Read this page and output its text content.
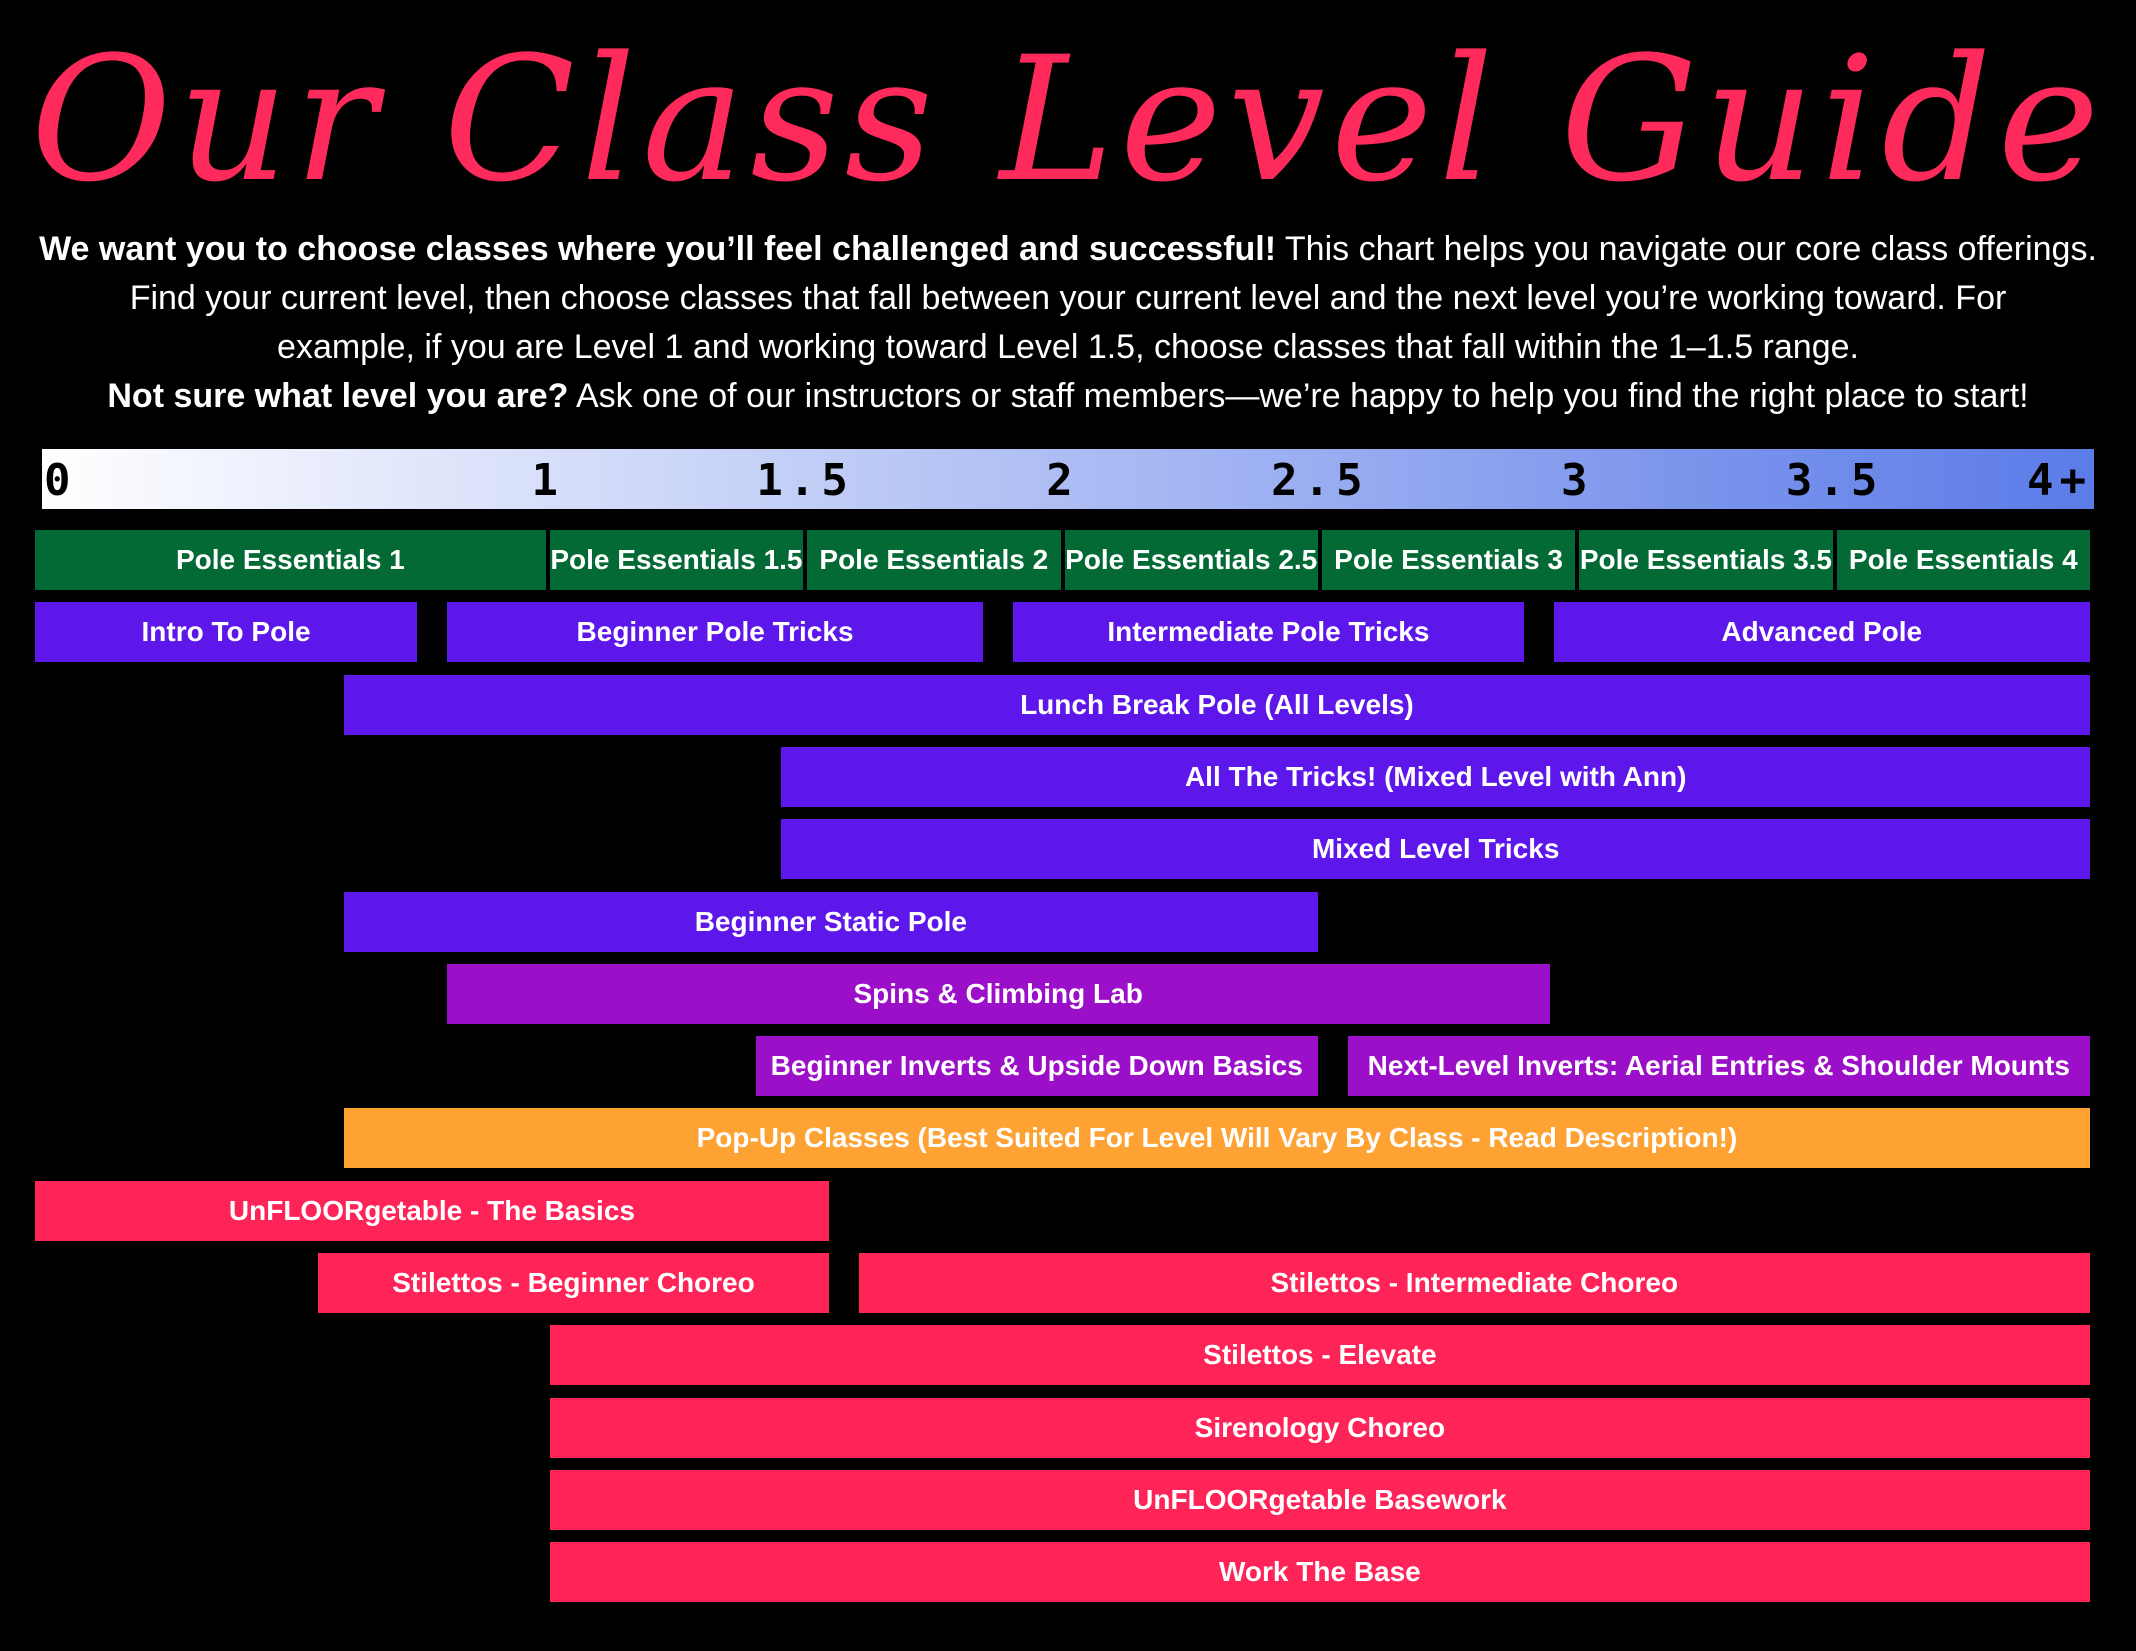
Our Class Level Guide

We want you to choose classes where you’ll feel challenged and successful! This chart helps you navigate our core class offerings.

Find your current level, then choose classes that fall between your current level and the next level you’re working toward. For

example, if you are Level 1 and working toward Level 1.5, choose classes that fall within the 1–1.5 range.

Not sure what level you are? Ask one of our instructors or staff members—we’re happy to help you find the right place to start!

0	1	1.5	2	2.5	3	3.5	4+
Pole Essentials 1	Pole Essentials 1.5 Pole Essentials 2 Pole Essentials 2.5 Pole Essentials 3 Pole Essentials 3.5 Pole Essentials 4
Intro To Pole	Beginner Pole Tricks	Intermediate Pole Tricks	Advanced Pole
Lunch Break Pole (All Levels)
All The Tricks! (Mixed Level with Ann)
Mixed Level Tricks
Beginner Static Pole
Spins & Climbing Lab
Beginner Inverts & Upside Down Basics	Next-Level Inverts: Aerial Entries & Shoulder Mounts
Pop-Up Classes (Best Suited For Level Will Vary By Class - Read Description!)
UnFLOORgetable - The Basics
Stilettos - Beginner Choreo	Stilettos - Intermediate Choreo
Stilettos - Elevate
Sirenology Choreo
UnFLOORgetable Basework
Work The Base
